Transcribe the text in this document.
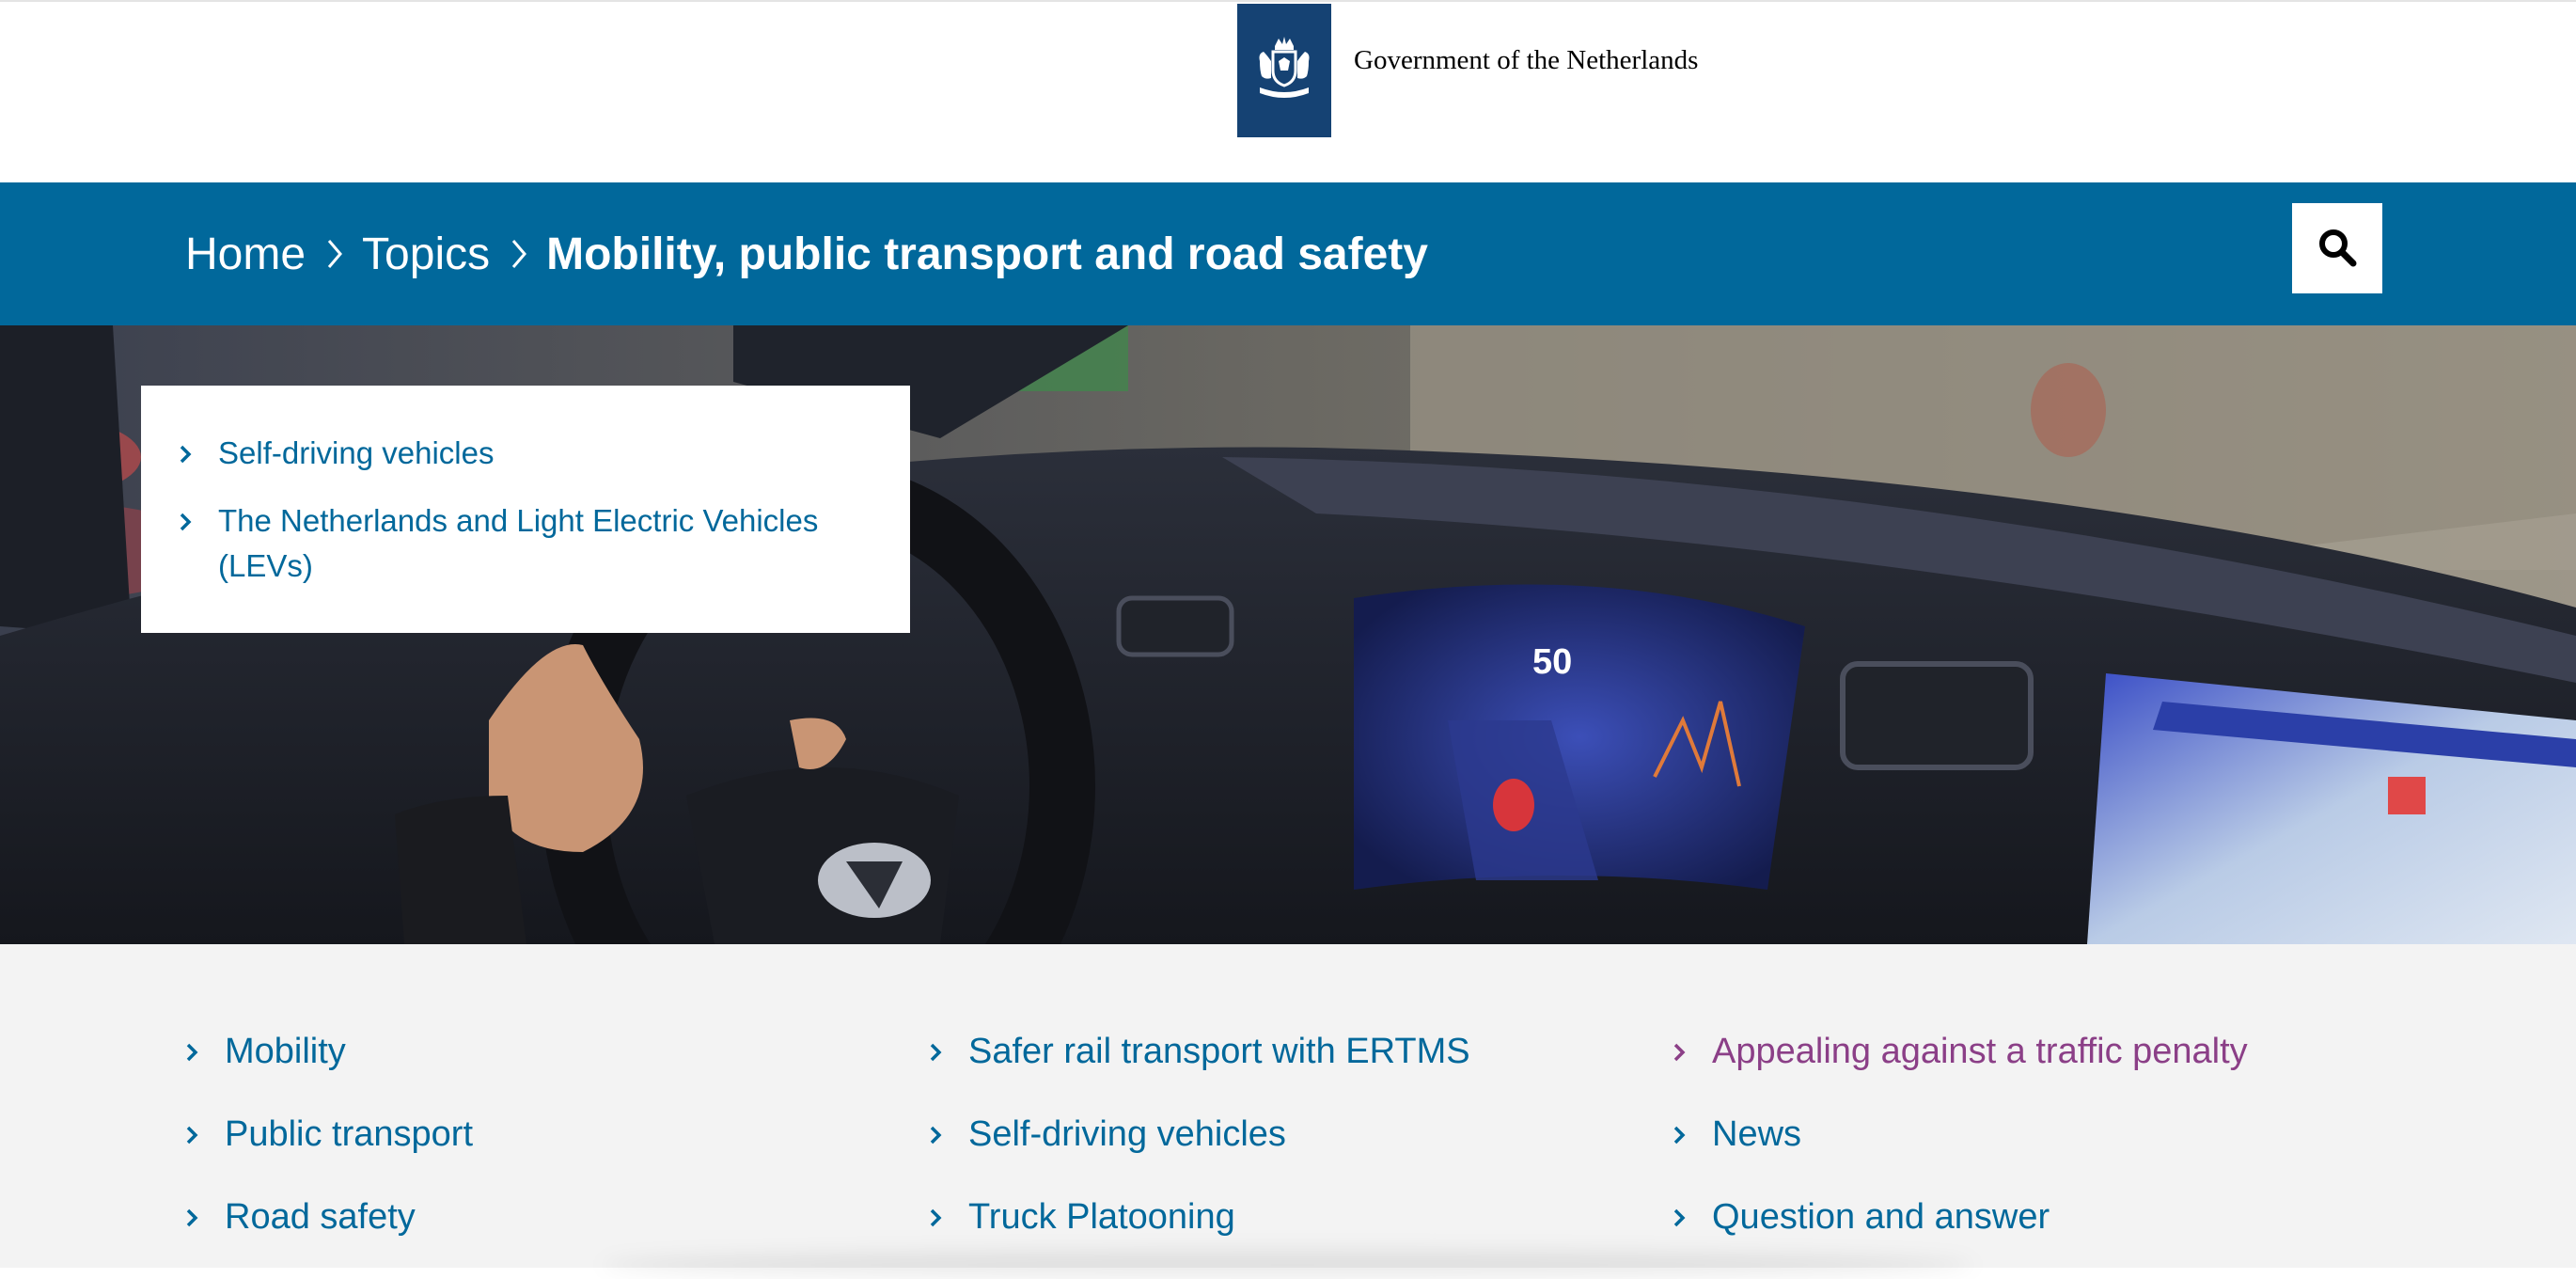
Government of the Netherlands
Home Topics Mobility, public transport and road safety
50
Self-driving vehicles
The Netherlands and Light Electric Vehicles (LEVs)
Mobility
Public transport
Road safety
Safer rail transport with ERTMS
Self-driving vehicles
Truck Platooning
Appealing against a traffic penalty
News
Question and answer
